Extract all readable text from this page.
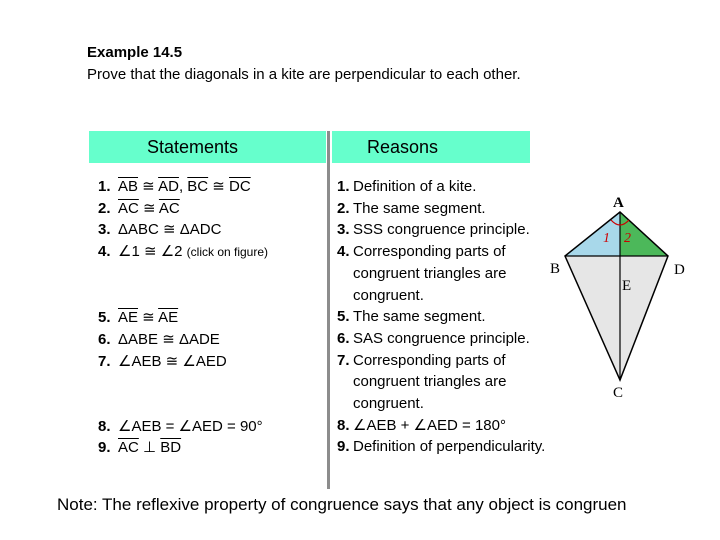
Example 14.5
Prove that the diagonals in a kite are perpendicular to each other.
Statements	Reasons
1. $\overline{AB}$ ≅ $\overline{AD}$, $\overline{BC}$ ≅ $\overline{DC}$
2. $\overline{AC}$ ≅ $\overline{AC}$
3. ΔABC ≅ ΔADC
4. ∠1 ≅ ∠2 (click on figure)

5. $\overline{AE}$ ≅ $\overline{AE}$
6. ΔABE ≅ ΔADE
7. ∠AEB ≅ ∠AED

8. ∠AEB = ∠AED = 90°
9. $\overline{AC}$ ⊥ $\overline{BD}$
1. Definition of a kite.
2. The same segment.
3. SSS congruence principle.
4. Corresponding parts of
congruent triangles are
congruent.
5. The same segment.
6. SAS congruence principle.
7. Corresponding parts of
congruent triangles are
congruent.
8. ∠AEB + ∠AED = 180°
9. Definition of perpendicularity.
A
B
C
D
E
1 2
Note: The reflexive property of congruence says that any object is congruen
